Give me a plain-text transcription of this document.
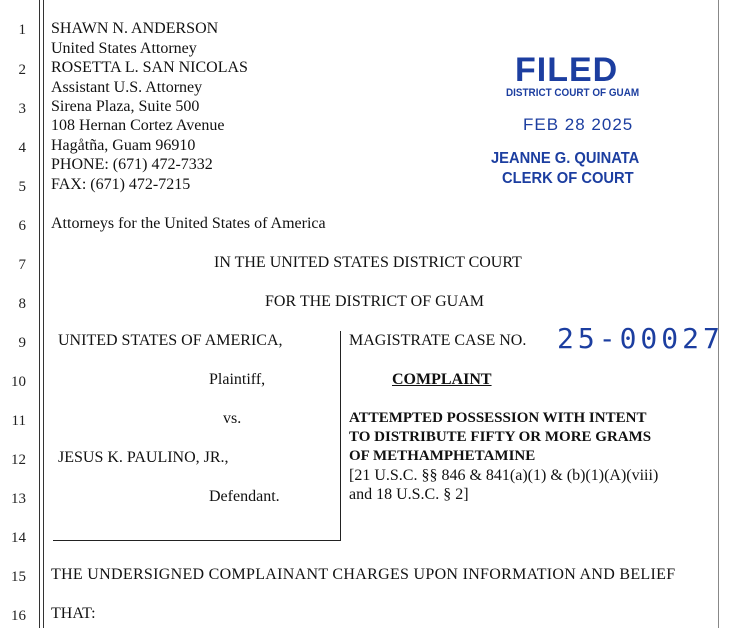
1
2
3
4
5
6
7
8
9
10
11
12
13
14
15
16
SHAWN N. ANDERSON
United States Attorney
ROSETTA L. SAN NICOLAS
Assistant U.S. Attorney
Sirena Plaza, Suite 500
108 Hernan Cortez Avenue
Hagåtña, Guam 96910
PHONE: (671) 472-7332
FAX: (671) 472-7215
Attorneys for the United States of America
FILED
DISTRICT COURT OF GUAM
FEB 28 2025
JEANNE G. QUINATA
CLERK OF COURT
IN THE UNITED STATES DISTRICT COURT
FOR THE DISTRICT OF GUAM
UNITED STATES OF AMERICA,
Plaintiff,
vs.
JESUS K. PAULINO, JR.,
Defendant.
MAGISTRATE CASE NO. 25-00027
COMPLAINT
ATTEMPTED POSSESSION WITH INTENT
TO DISTRIBUTE FIFTY OR MORE GRAMS
OF METHAMPHETAMINE
[21 U.S.C. §§ 846 & 841(a)(1) & (b)(1)(A)(viii)
and 18 U.S.C. § 2]
THE UNDERSIGNED COMPLAINANT CHARGES UPON INFORMATION AND BELIEF
THAT:
